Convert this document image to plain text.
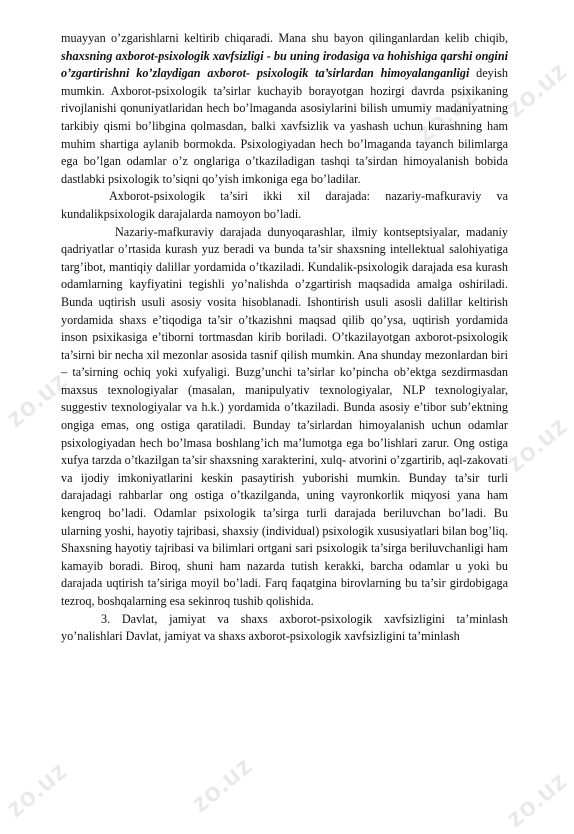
zo.uz
zo.uz
zo.uz
zo.uz
zo.uz	zo.uz
zo.uz

muayyan o’zgarishlarni keltirib chiqaradi. Mana shu bayon qilinganlardan kelib chiqib, shaxsning axborot-psixologik xavfsizligi - bu uning irodasiga va hohishiga qarshi ongini o’zgartirishni ko’zlaydigan axborot- psixologik ta’sirlardan himoyalanganligi deyish mumkin. Axborot-psixologik ta’sirlar kuchayib borayotgan hozirgi davrda psixikaning rivojlanishi qonuniyatlaridan hech bo’lmaganda asosiylarini bilish umumiy madaniyatning tarkibiy qismi bo’libgina qolmasdan, balki xavfsizlik va yashash uchun kurashning ham muhim shartiga aylanib bormokda. Psixologiyadan hech bo’lmaganda tayanch bilimlarga ega bo’lgan odamlar o’z onglariga o’tkaziladigan tashqi ta’sirdan himoyalanish bobida dastlabki psixologik to’siqni qo’yish imkoniga ega bo’ladilar.

Axborot-psixologik ta’siri ikki xil darajada: nazariy-mafkuraviy va kundalikpsixologik darajalarda namoyon bo’ladi.

Nazariy-mafkuraviy darajada dunyoqarashlar, ilmiy kontseptsiyalar, madaniy qadriyatlar o’rtasida kurash yuz beradi va bunda ta’sir shaxsning intellektual salohiyatiga targ’ibot, mantiqiy dalillar yordamida o’tkaziladi. Kundalik-psixologik darajada esa kurash odamlarning kayfiyatini tegishli yo’nalishda o’zgartirish maqsadida amalga oshiriladi. Bunda uqtirish usuli asosiy vosita hisoblanadi. Ishontirish usuli asosli dalillar keltirish yordamida shaxs e’tiqodiga ta’sir o’tkazishni maqsad qilib qo’ysa, uqtirish yordamida inson psixikasiga e’tiborni tortmasdan kirib boriladi. O’tkazilayotgan axborot-psixologik ta’sirni bir necha xil mezonlar asosida tasnif qilish mumkin. Ana shunday mezonlardan biri – ta’sirning ochiq yoki xufyaligi. Buzg’unchi ta’sirlar ko’pincha ob’ektga sezdirmasdan maxsus texnologiyalar (masalan, manipulyativ texnologiyalar, NLP texnologiyalar, suggestiv texnologiyalar va h.k.) yordamida o’tkaziladi. Bunda asosiy e’tibor sub’ektning ongiga emas, ong ostiga qaratiladi. Bunday ta’sirlardan himoyalanish uchun odamlar psixologiyadan hech bo’lmasa boshlang’ich ma’lumotga ega bo’lishlari zarur. Ong ostiga xufya tarzda o’tkazilgan ta’sir shaxsning xarakterini, xulq- atvorini o’zgartirib, aql-zakovati va ijodiy imkoniyatlarini keskin pasaytirish yuborishi mumkin. Bunday ta’sir turli darajadagi rahbarlar ong ostiga o’tkazilganda, uning vayronkorlik miqyosi yana ham kengroq bo’ladi. Odamlar psixologik ta’sirga turli darajada beriluvchan bo’ladi. Bu ularning yoshi, hayotiy tajribasi, shaxsiy (individual) psixologik xususiyatlari bilan bog’liq. Shaxsning hayotiy tajribasi va bilimlari ortgani sari psixologik ta’sirga beriluvchanligi ham kamayib boradi. Biroq, shuni ham nazarda tutish kerakki, barcha odamlar u yoki bu darajada uqtirish ta’siriga moyil bo’ladi. Farq faqatgina birovlarning bu ta’sir girdobigaga tezroq, boshqalarning esa sekinroq tushib qolishida.

3. Davlat, jamiyat va shaxs axborot-psixologik xavfsizligini ta’minlash yo’nalishlari Davlat, jamiyat va shaxs axborot-psixologik xavfsizligini ta’minlash
